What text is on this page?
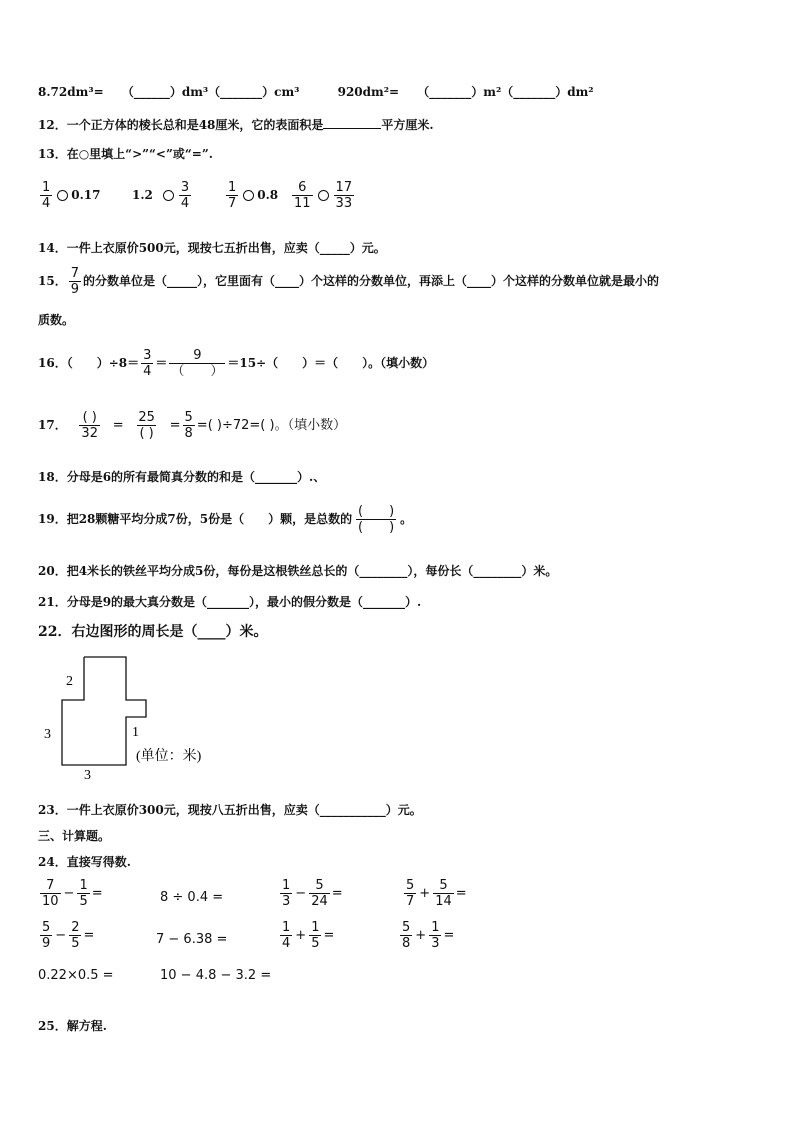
8.72dm³= （______）dm³（_______）cm³	920dm²= （_______）m²（_______）dm²
12．一个正方体的棱长总和是48厘米，它的表面积是	平方厘米.
13．在○里填上“>”“<”或“=”.
$\frac{1}{4} 0.17$	$1.2 \frac{3}{4}$	$\frac{1}{7} 0.8 \frac{6}{11} \frac{17}{33}$
14．一件上衣原价500元，现按七五折出售，应卖（_____）元。
15． $\frac{7}{9}$ 的分数单位是（_____），它里面有（____）个这样的分数单位，再添上（____）个这样的分数单位就是最小的
质数。
16．（　　）$\div 8= \frac{3}{4} = \frac{9}{( )} =15\div$（　　）＝（　　）。（填小数）
17． $\frac{( )}{32} = \frac{25}{( )} = \frac{5}{8}$ =( )÷72=( )。（填小数）
18．分母是6的所有最简真分数的和是（_______）.、
19．把28颗糖平均分成7份，5份是（　　）颗，是总数的 $\frac{( )}{( )}$ 。
20．把4米长的铁丝平均分成5份，每份是这根铁丝总长的（________），每份长（________）米。
21．分母是9的最大真分数是（_______），最小的假分数是（_______）.
22．右边图形的周长是（____）米。
2
3	1
3
(单位：米)
23．一件上衣原价300元，现按八五折出售，应卖（___________）元。
三、计算题。
24．直接写得数.
$\frac{7}{10} - \frac{1}{5}$ =	8 ÷ 0.4 =	$\frac{1}{3} - \frac{5}{24}$ =	$\frac{5}{7} + \frac{5}{14}$ =
$\frac{5}{9} - \frac{2}{5}$ =	7 − 6.38 =	$\frac{1}{4} + \frac{1}{5}$ =	$\frac{5}{8} + \frac{1}{3}$ =
0.22×0.5 =	10 − 4.8 − 3.2 =
25．解方程.
